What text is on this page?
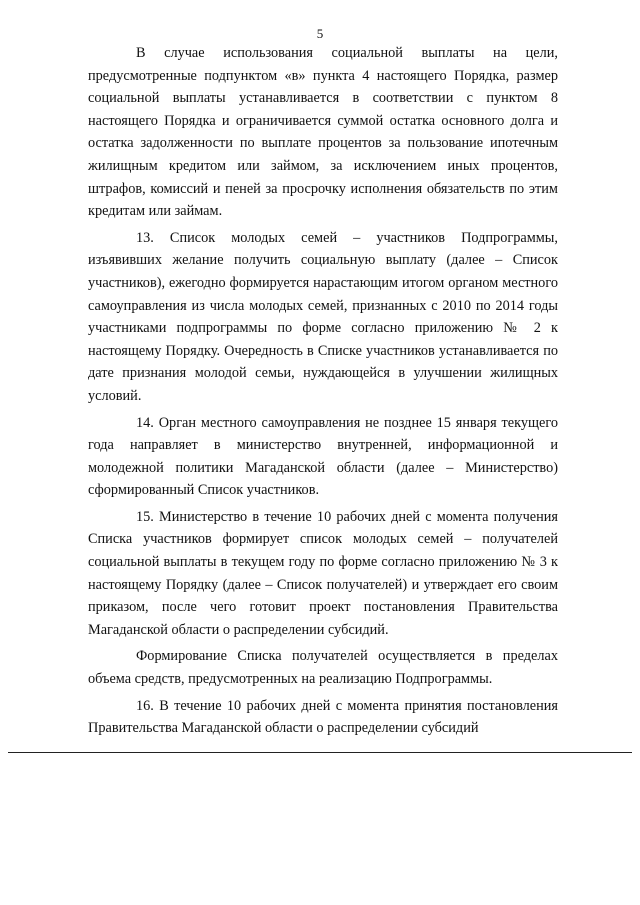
5

В случае использования социальной выплаты на цели, предусмотренные подпунктом «в» пункта 4 настоящего Порядка, размер социальной выплаты устанавливается в соответствии с пунктом 8 настоящего Порядка и ограничивается суммой остатка основного долга и остатка задолженности по выплате процентов за пользование ипотечным жилищным кредитом или займом, за исключением иных процентов, штрафов, комиссий и пеней за просрочку исполнения обязательств по этим кредитам или займам.

13. Список молодых семей – участников Подпрограммы, изъявивших желание получить социальную выплату (далее – Список участников), ежегодно формируется нарастающим итогом органом местного самоуправления из числа молодых семей, признанных с 2010 по 2014 годы участниками подпрограммы по форме согласно приложению № 2 к настоящему Порядку. Очередность в Списке участников устанавливается по дате признания молодой семьи, нуждающейся в улучшении жилищных условий.

14. Орган местного самоуправления не позднее 15 января текущего года направляет в министерство внутренней, информационной и молодежной политики Магаданской области (далее – Министерство) сформированный Список участников.

15. Министерство в течение 10 рабочих дней с момента получения Списка участников формирует список молодых семей – получателей социальной выплаты в текущем году по форме согласно приложению № 3 к настоящему Порядку (далее – Список получателей) и утверждает его своим приказом, после чего готовит проект постановления Правительства Магаданской области о распределении субсидий.

Формирование Списка получателей осуществляется в пределах объема средств, предусмотренных на реализацию Подпрограммы.

16. В течение 10 рабочих дней с момента принятия постановления Правительства Магаданской области о распределении субсидий
